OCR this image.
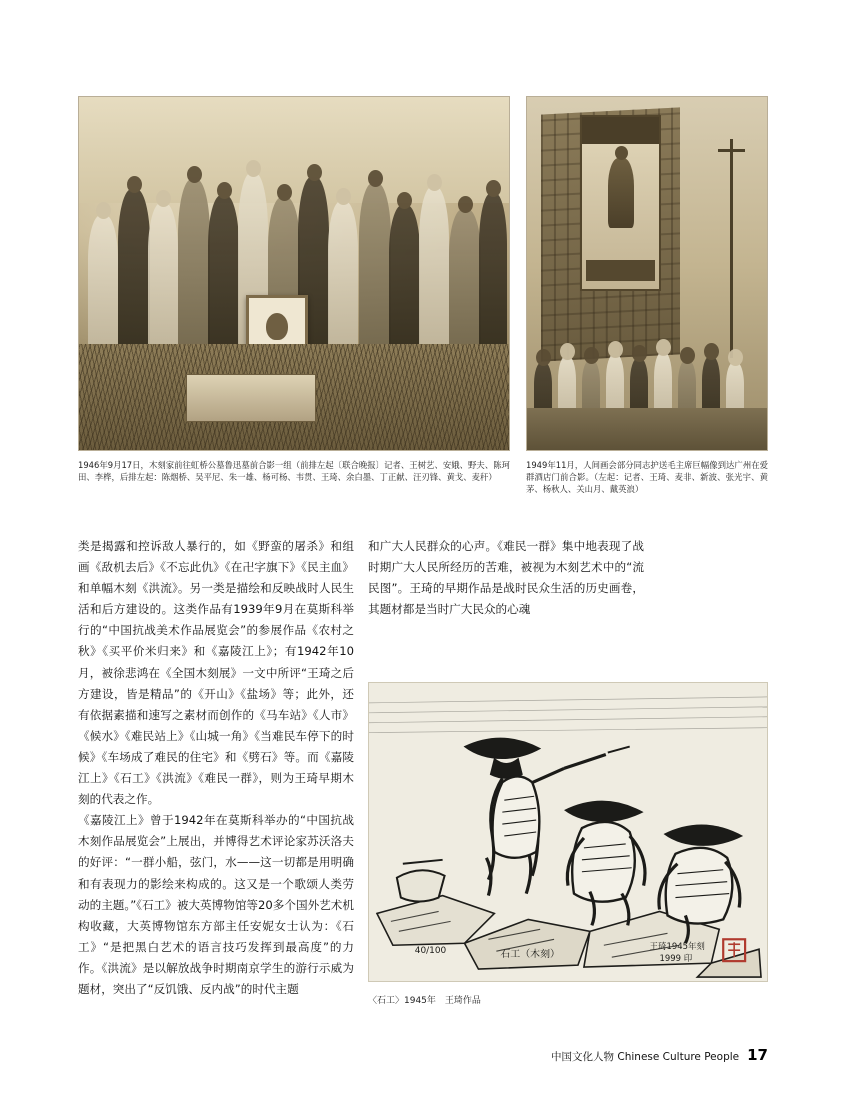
1946年9月17日，木刻家前往虹桥公墓鲁迅墓前合影一组（前排左起〔联合晚报〕记者、王树艺、安娥、野夫、陈珂田、李桦，后排左起：陈烟桥、吴平尼、朱一雄、杨可杨、韦贯、王琦、余白墨、丁正献、汪刃锋、黄戈、麦秆）
1949年11月，人间画会部分同志护送毛主席巨幅像到达广州在爱群酒店门前合影。（左起：记者、王琦、麦非、新波、张光宇、黄茅、杨秋人、关山月、戴英浪）

类是揭露和控诉敌人暴行的，如《野蛮的屠杀》和组画《敌机去后》《不忘此仇》《在卍字旗下》《民主血》和单幅木刻《洪流》。另一类是描绘和反映战时人民生活和后方建设的。这类作品有1939年9月在莫斯科举行的“中国抗战美术作品展览会”的参展作品《农村之秋》《买平价米归来》和《嘉陵江上》；有1942年10月，被徐悲鸿在《全国木刻展》一文中所评“王琦之后方建设，皆是精品”的《开山》《盐场》等；此外，还有依据素描和速写之素材而创作的《马车站》《人市》《候水》《难民站上》《山城一角》《当难民车停下的时候》《车场成了难民的住宅》和《劈石》等。而《嘉陵江上》《石工》《洪流》《难民一群》，则为王琦早期木刻的代表之作。

《嘉陵江上》曾于1942年在莫斯科举办的“中国抗战木刻作品展览会”上展出，并博得艺术评论家苏沃洛夫的好评：“一群小船，弦门，水——这一切都是用明确和有表现力的影绘来构成的。这又是一个歌颂人类劳动的主题。”《石工》被大英博物馆等20多个国外艺术机构收藏，大英博物馆东方部主任安妮女士认为：《石工》“是把黑白艺术的语言技巧发挥到最高度”的力作。《洪流》是以解放战争时期南京学生的游行示威为题材，突出了“反饥饿、反内战”的时代主题

和广大人民群众的心声。《难民一群》集中地表现了战时期广大人民所经历的苦难，被视为木刻艺术中的“流民图”。王琦的早期作品是战时民众生活的历史画卷，其题材都是当时广大民众的心魂

40/100	石工（木刻）
王琦1945年刻
1999 印
〈石工〉1945年　王琦作品
中国文化人物 Chinese Culture People 17
